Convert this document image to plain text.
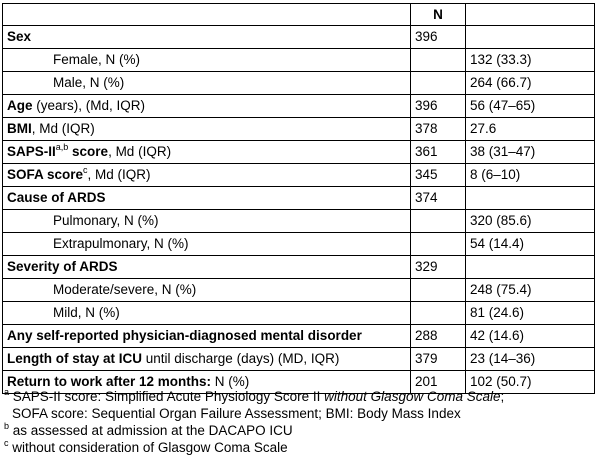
	N	
Sex	396	
Female, N (%)		132 (33.3)
Male, N (%)		264 (66.7)
Age (years), (Md, IQR)	396	56 (47–65)
BMI, Md (IQR)	378	27.6
SAPS-II$^{a,b}$ score, Md (IQR)	361	38 (31–47)
SOFA score$^c$, Md (IQR)	345	8 (6–10)
Cause of ARDS	374	
Pulmonary, N (%)		320 (85.6)
Extrapulmonary, N (%)		54 (14.4)
Severity of ARDS	329	
Moderate/severe, N (%)		248 (75.4)
Mild, N (%)		81 (24.6)
Any self-reported physician-diagnosed mental disorder	288	42 (14.6)
Length of stay at ICU until discharge (days) (MD, IQR)	379	23 (14–36)
Return to work after 12 months: N (%)	201	102 (50.7)

$^a$ SAPS-II score: Simplified Acute Physiology Score II without Glasgow Coma Scale;

SOFA score: Sequential Organ Failure Assessment; BMI: Body Mass Index

$^b$ as assessed at admission at the DACAPO ICU

$^c$ without consideration of Glasgow Coma Scale
